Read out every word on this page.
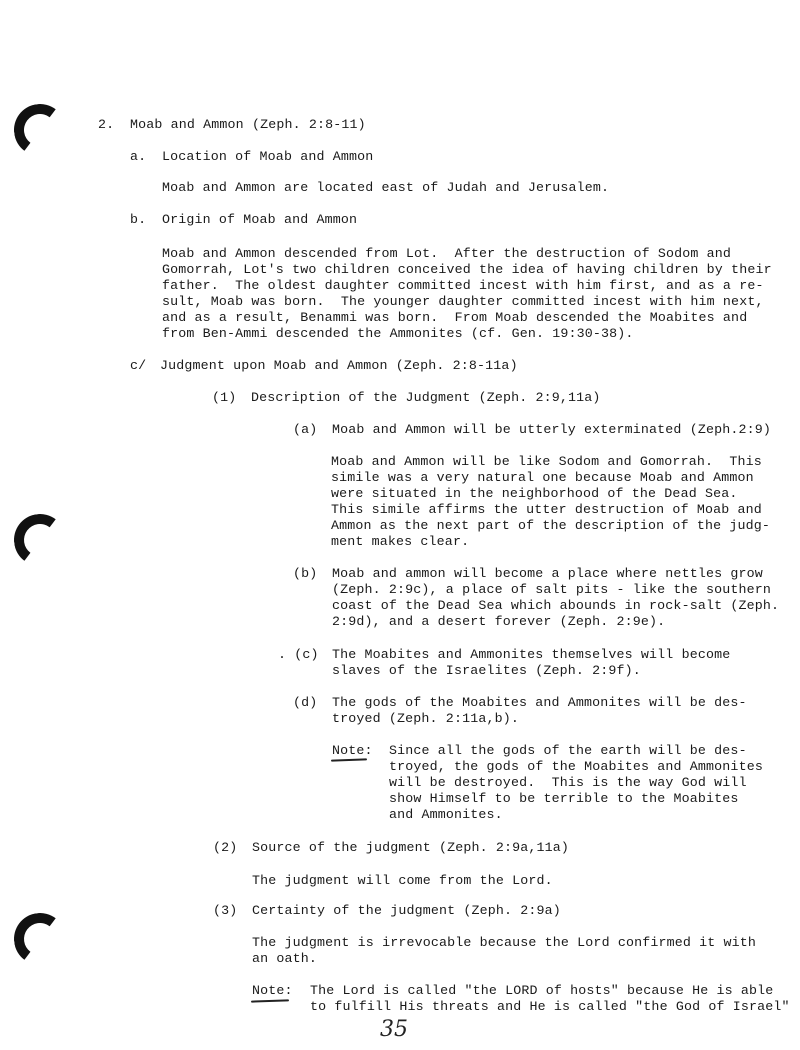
2. Moab and Ammon (Zeph. 2:8-11)
a. Location of Moab and Ammon
Moab and Ammon are located east of Judah and Jerusalem.
b. Origin of Moab and Ammon
Moab and Ammon descended from Lot.  After the destruction of Sodom and
Gomorrah, Lot's two children conceived the idea of having children by their
father.  The oldest daughter committed incest with him first, and as a re-
sult, Moab was born.  The younger daughter committed incest with him next,
and as a result, Benammi was born.  From Moab descended the Moabites and
from Ben-Ammi descended the Ammonites (cf. Gen. 19:30-38).
c/ Judgment upon Moab and Ammon (Zeph. 2:8-11a)
(1) Description of the Judgment (Zeph. 2:9,11a)
(a) Moab and Ammon will be utterly exterminated (Zeph.2:9)
Moab and Ammon will be like Sodom and Gomorrah.  This
simile was a very natural one because Moab and Ammon
were situated in the neighborhood of the Dead Sea.
This simile affirms the utter destruction of Moab and
Ammon as the next part of the description of the judg-
ment makes clear.
(b) Moab and ammon will become a place where nettles grow
(Zeph. 2:9c), a place of salt pits - like the southern
coast of the Dead Sea which abounds in rock-salt (Zeph.
2:9d), and a desert forever (Zeph. 2:9e).
. (c) The Moabites and Ammonites themselves will become
slaves of the Israelites (Zeph. 2:9f).
(d) The gods of the Moabites and Ammonites will be des-
troyed (Zeph. 2:11a,b).
Note: Since all the gods of the earth will be des-
troyed, the gods of the Moabites and Ammonites
will be destroyed.  This is the way God will
show Himself to be terrible to the Moabites
and Ammonites.
(2) Source of the judgment (Zeph. 2:9a,11a)
The judgment will come from the Lord.
(3) Certainty of the judgment (Zeph. 2:9a)
The judgment is irrevocable because the Lord confirmed it with
an oath.
Note: The Lord is called "the LORD of hosts" because He is able
to fulfill His threats and He is called "the God of Israel"
35
